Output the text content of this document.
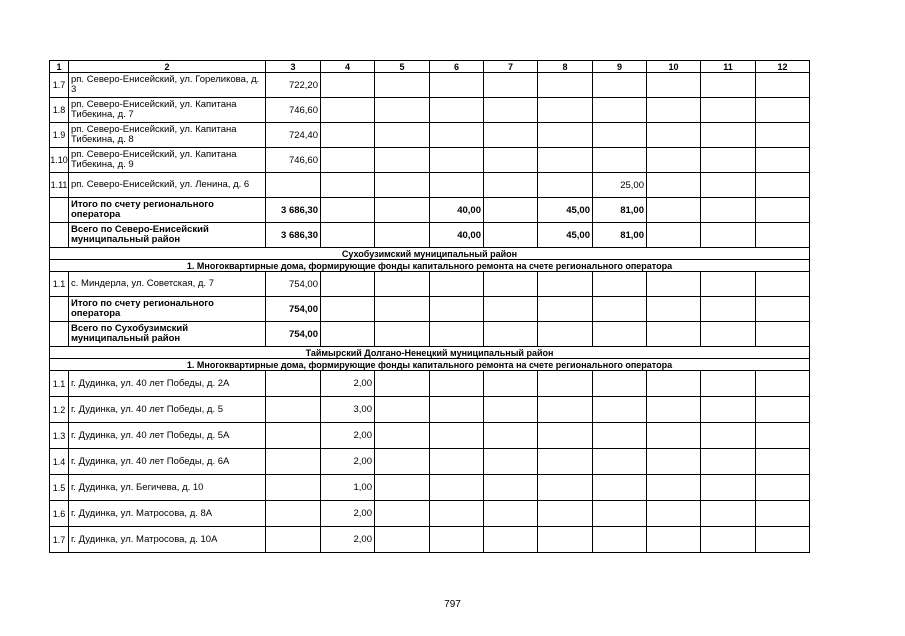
1	2	3	4	5	6	7	8	9	10	11	12
1.7	рп. Северо-Енисейский, ул. Гореликова, д. 3	722,20									
1.8	рп. Северо-Енисейский, ул. Капитана Тибекина, д. 7	746,60									
1.9	рп. Северо-Енисейский, ул. Капитана Тибекина, д. 8	724,40									
1.10	рп. Северо-Енисейский, ул. Капитана Тибекина, д. 9	746,60									
1.11	рп. Северо-Енисейский, ул. Ленина, д. 6							25,00			
	Итого по счету регионального оператора	3 686,30			40,00		45,00	81,00			
	Всего по Северо-Енисейский муниципальный район	3 686,30			40,00		45,00	81,00			
Сухобузимский муниципальный район											
1. Многоквартирные дома, формирующие фонды капитального ремонта на счете регионального оператора											
1.1	с. Миндерла, ул. Советская, д. 7	754,00									
	Итого по счету регионального оператора	754,00									
	Всего по Сухобузимский муниципальный район	754,00									
Таймырский Долгано-Ненецкий муниципальный район											
1. Многоквартирные дома, формирующие фонды капитального ремонта на счете регионального оператора											
1.1	г. Дудинка, ул. 40 лет Победы, д. 2А		2,00								
1.2	г. Дудинка, ул. 40 лет Победы, д. 5		3,00								
1.3	г. Дудинка, ул. 40 лет Победы, д. 5А		2,00								
1.4	г. Дудинка, ул. 40 лет Победы, д. 6А		2,00								
1.5	г. Дудинка, ул. Бегичева, д. 10		1,00								
1.6	г. Дудинка, ул. Матросова, д. 8А		2,00								
1.7	г. Дудинка, ул. Матросова, д. 10А		2,00								
797
